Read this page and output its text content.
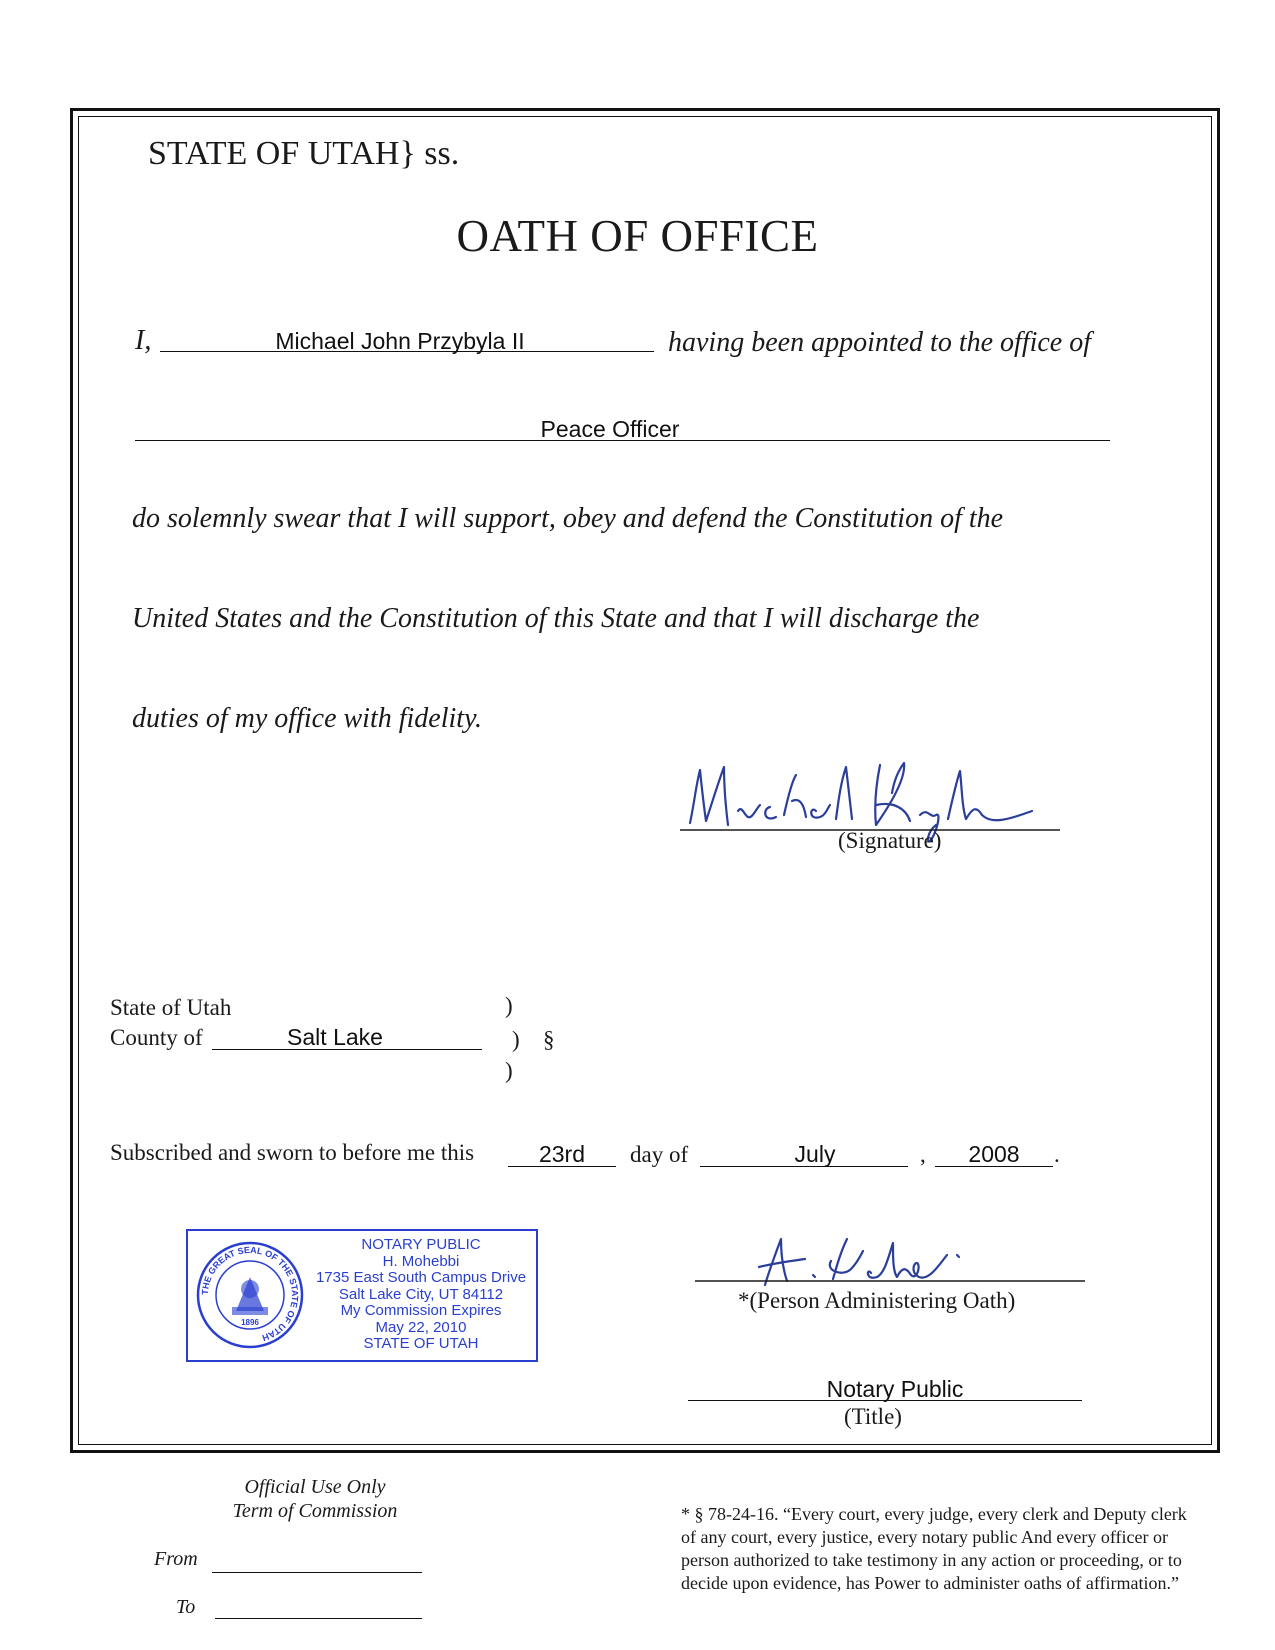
STATE OF UTAH} ss.
OATH OF OFFICE
I,	Michael John Przybyla II	having been appointed to the office of
Peace Officer
do solemnly swear that I will support, obey and defend the Constitution of the
United States and the Constitution of this State and that I will discharge the
duties of my office with fidelity.
(Signature)
State of Utah
County of	Salt Lake
)
)
)
§
Subscribed and sworn to before me this	23rd	day of	July	,	2008	.
THE GREAT SEAL OF THE STATE OF UTAH
1896
NOTARY PUBLIC
H. Mohebbi
1735 East South Campus Drive
Salt Lake City, UT 84112
My Commission Expires
May 22, 2010
STATE OF UTAH
*(Person Administering Oath)
Notary Public
(Title)
Official Use Only
Term of Commission
From
To
* § 78-24-16. “Every court, every judge, every clerk and Deputy clerk of any court, every justice, every notary public And every officer or person authorized to take testimony in any action or proceeding, or to decide upon evidence, has Power to administer oaths of affirmation.”
